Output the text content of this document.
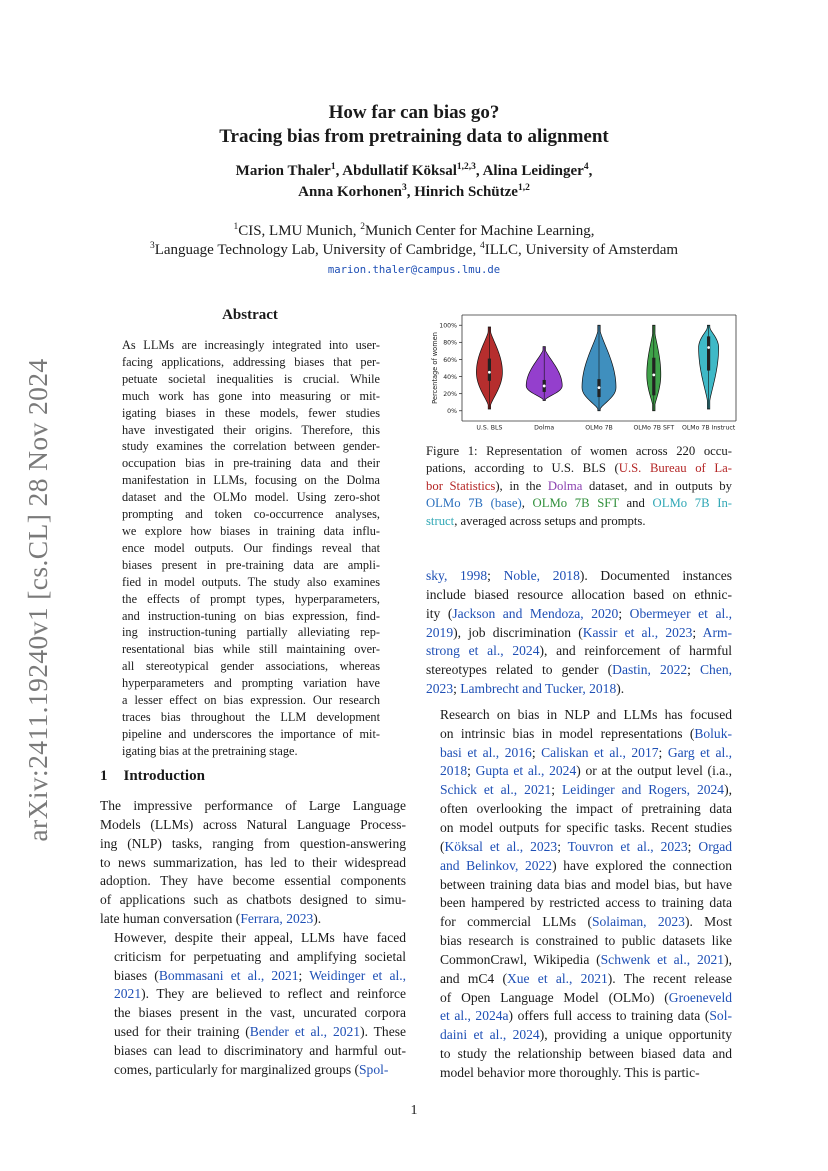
arXiv:2411.19240v1 [cs.CL] 28 Nov 2024
How far can bias go?
Tracing bias from pretraining data to alignment
Marion Thaler$^1$, Abdullatif Köksal$^{1,2,3}$, Alina Leidinger$^4$,
Anna Korhonen$^3$, Hinrich Schütze$^{1,2}$
$^1$CIS, LMU Munich, $^2$Munich Center for Machine Learning,
$^3$Language Technology Lab, University of Cambridge, $^4$ILLC, University of Amsterdam
marion.thaler@campus.lmu.de
Abstract
As LLMs are increasingly integrated into user-
facing applications, addressing biases that per-
petuate societal inequalities is crucial. While
much work has gone into measuring or mit-
igating biases in these models, fewer studies
have investigated their origins. Therefore, this
study examines the correlation between gender-
occupation bias in pre-training data and their
manifestation in LLMs, focusing on the Dolma
dataset and the OLMo model. Using zero-shot
prompting and token co-occurrence analyses,
we explore how biases in training data influ-
ence model outputs. Our findings reveal that
biases present in pre-training data are ampli-
fied in model outputs. The study also examines
the effects of prompt types, hyperparameters,
and instruction-tuning on bias expression, find-
ing instruction-tuning partially alleviating rep-
resentational bias while still maintaining over-
all stereotypical gender associations, whereas
hyperparameters and prompting variation have
a lesser effect on bias expression. Our research
traces bias throughout the LLM development
pipeline and underscores the importance of mit-
igating bias at the pretraining stage.
1 Introduction

The impressive performance of Large Language
Models (LLMs) across Natural Language Process-
ing (NLP) tasks, ranging from question-answering
to news summarization, has led to their widespread
adoption. They have become essential components
of applications such as chatbots designed to simu-
late human conversation (Ferrara, 2023).

However, despite their appeal, LLMs have faced
criticism for perpetuating and amplifying societal
biases (Bommasani et al., 2021; Weidinger et al.,
2021). They are believed to reflect and reinforce
the biases present in the vast, uncurated corpora
used for their training (Bender et al., 2021). These
biases can lead to discriminatory and harmful out-
comes, particularly for marginalized groups (Spol-

0%
20%
40%
60%
80%
100%
Percentage of women
U.S. BLS	Dolma	OLMo 7B	OLMo 7B SFT OLMo 7B Instruct
Figure 1: Representation of women across 220 occu-
pations, according to U.S. BLS (U.S. Bureau of La-
bor Statistics), in the Dolma dataset, and in outputs by
OLMo 7B (base), OLMo 7B SFT and OLMo 7B In-
struct, averaged across setups and prompts.

sky, 1998; Noble, 2018). Documented instances
include biased resource allocation based on ethnic-
ity (Jackson and Mendoza, 2020; Obermeyer et al.,
2019), job discrimination (Kassir et al., 2023; Arm-
strong et al., 2024), and reinforcement of harmful
stereotypes related to gender (Dastin, 2022; Chen,
2023; Lambrecht and Tucker, 2018).

Research on bias in NLP and LLMs has focused
on intrinsic bias in model representations (Boluk-
basi et al., 2016; Caliskan et al., 2017; Garg et al.,
2018; Gupta et al., 2024) or at the output level (i.a.,
Schick et al., 2021; Leidinger and Rogers, 2024),
often overlooking the impact of pretraining data
on model outputs for specific tasks. Recent studies
(Köksal et al., 2023; Touvron et al., 2023; Orgad
and Belinkov, 2022) have explored the connection
between training data bias and model bias, but have
been hampered by restricted access to training data
for commercial LLMs (Solaiman, 2023). Most
bias research is constrained to public datasets like
CommonCrawl, Wikipedia (Schwenk et al., 2021),
and mC4 (Xue et al., 2021). The recent release
of Open Language Model (OLMo) (Groeneveld
et al., 2024a) offers full access to training data (Sol-
daini et al., 2024), providing a unique opportunity
to study the relationship between biased data and
model behavior more thoroughly. This is partic-

1
